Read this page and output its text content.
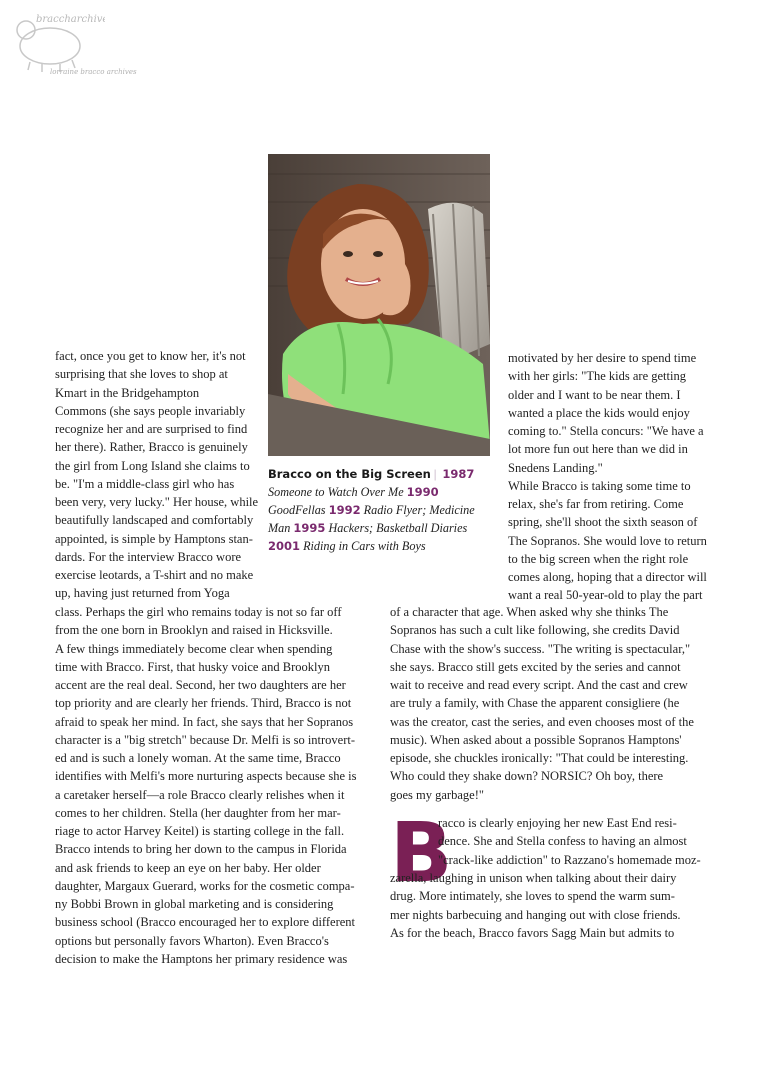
braccharchive
lorraine bracco archives
Bracco on the Big Screen | 1987 Someone to Watch Over Me 1990 GoodFellas 1992 Radio Flyer; Medicine Man 1995 Hackers; Basketball Diaries 2001 Riding in Cars with Boys
fact, once you get to know her, it's not
surprising that she loves to shop at
Kmart in the Bridgehampton
Commons (she says people invariably
recognize her and are surprised to find
her there). Rather, Bracco is genuinely
the girl from Long Island she claims to
be. "I'm a middle-class girl who has
been very, very lucky." Her house, while
beautifully landscaped and comfortably
appointed, is simple by Hamptons stan-
dards. For the interview Bracco wore
exercise leotards, a T-shirt and no make
up, having just returned from Yoga
class. Perhaps the girl who remains today is not so far off
from the one born in Brooklyn and raised in Hicksville.
A few things immediately become clear when spending
time with Bracco. First, that husky voice and Brooklyn
accent are the real deal. Second, her two daughters are her
top priority and are clearly her friends. Third, Bracco is not
afraid to speak her mind. In fact, she says that her Sopranos
character is a "big stretch" because Dr. Melfi is so introvert-
ed and is such a lonely woman. At the same time, Bracco
identifies with Melfi's more nurturing aspects because she is
a caretaker herself—a role Bracco clearly relishes when it
comes to her children. Stella (her daughter from her mar-
riage to actor Harvey Keitel) is starting college in the fall.
Bracco intends to bring her down to the campus in Florida
and ask friends to keep an eye on her baby. Her older
daughter, Margaux Guerard, works for the cosmetic compa-
ny Bobbi Brown in global marketing and is considering
business school (Bracco encouraged her to explore different
options but personally favors Wharton). Even Bracco's
decision to make the Hamptons her primary residence was
motivated by her desire to spend time
with her girls: "The kids are getting
older and I want to be near them. I
wanted a place the kids would enjoy
coming to." Stella concurs: "We have a
lot more fun out here than we did in
Snedens Landing."
While Bracco is taking some time to
relax, she's far from retiring. Come
spring, she'll shoot the sixth season of
The Sopranos. She would love to return
to the big screen when the right role
comes along, hoping that a director will
want a real 50-year-old to play the part
of a character that age. When asked why she thinks The
Sopranos has such a cult like following, she credits David
Chase with the show's success. "The writing is spectacular,"
she says. Bracco still gets excited by the series and cannot
wait to receive and read every script. And the cast and crew
are truly a family, with Chase the apparent consigliere (he
was the creator, cast the series, and even chooses most of the
music). When asked about a possible Sopranos Hamptons'
episode, she chuckles ironically: "That could be interesting.
Who could they shake down? NORSIC? Oh boy, there
goes my garbage!"
B
racco is clearly enjoying her new East End resi-
dence. She and Stella confess to having an almost
"crack-like addiction" to Razzano's homemade moz-
zarella, laughing in unison when talking about their dairy
drug. More intimately, she loves to spend the warm sum-
mer nights barbecuing and hanging out with close friends.
As for the beach, Bracco favors Sagg Main but admits to
